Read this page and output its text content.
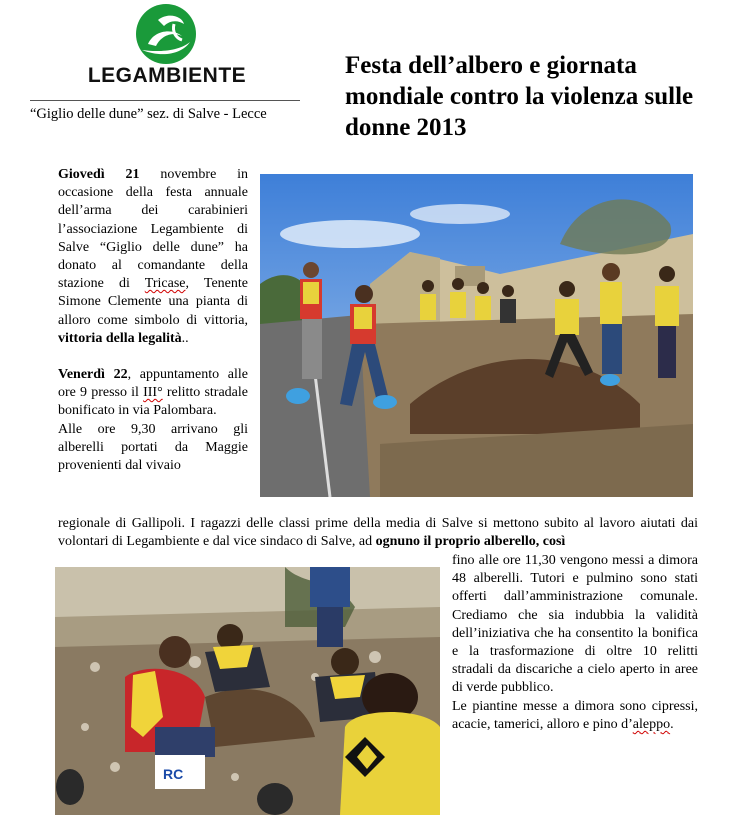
LEGAMBIENTE
“Giglio delle dune” sez. di Salve - Lecce
Festa dell’albero e giornata mondiale contro la violenza sulle donne 2013

Giovedì 21 novembre in occasione della festa annuale dell’arma dei carabinieri l’associazione Legambiente di Salve “Giglio delle dune” ha donato al comandante della stazione di Tricase, Tenente Simone Clemente una pianta di alloro come simbolo di vittoria, vittoria della legalità..

Venerdì 22, appuntamento alle ore 9 presso il III° relitto stradale bonificato in via Palombara.

Alle ore 9,30 arrivano gli alberelli portati da Maggie provenienti dal vivaio

regionale di Gallipoli. I ragazzi delle classi prime della media di Salve si mettono subito al lavoro aiutati dai volontari di Legambiente e dal vice sindaco di Salve, ad ognuno il proprio alberello, così
RC

fino alle ore 11,30 vengono messi a dimora 48 alberelli. Tutori e pulmino sono stati offerti dall’amministrazione comunale. Crediamo che sia indubbia la validità dell’iniziativa che ha consentito la bonifica e la trasformazione di oltre 10 relitti stradali da discariche a cielo aperto in aree di verde pubblico.

Le piantine messe a dimora sono cipressi, acacie, tamerici, alloro e pino d’aleppo.
